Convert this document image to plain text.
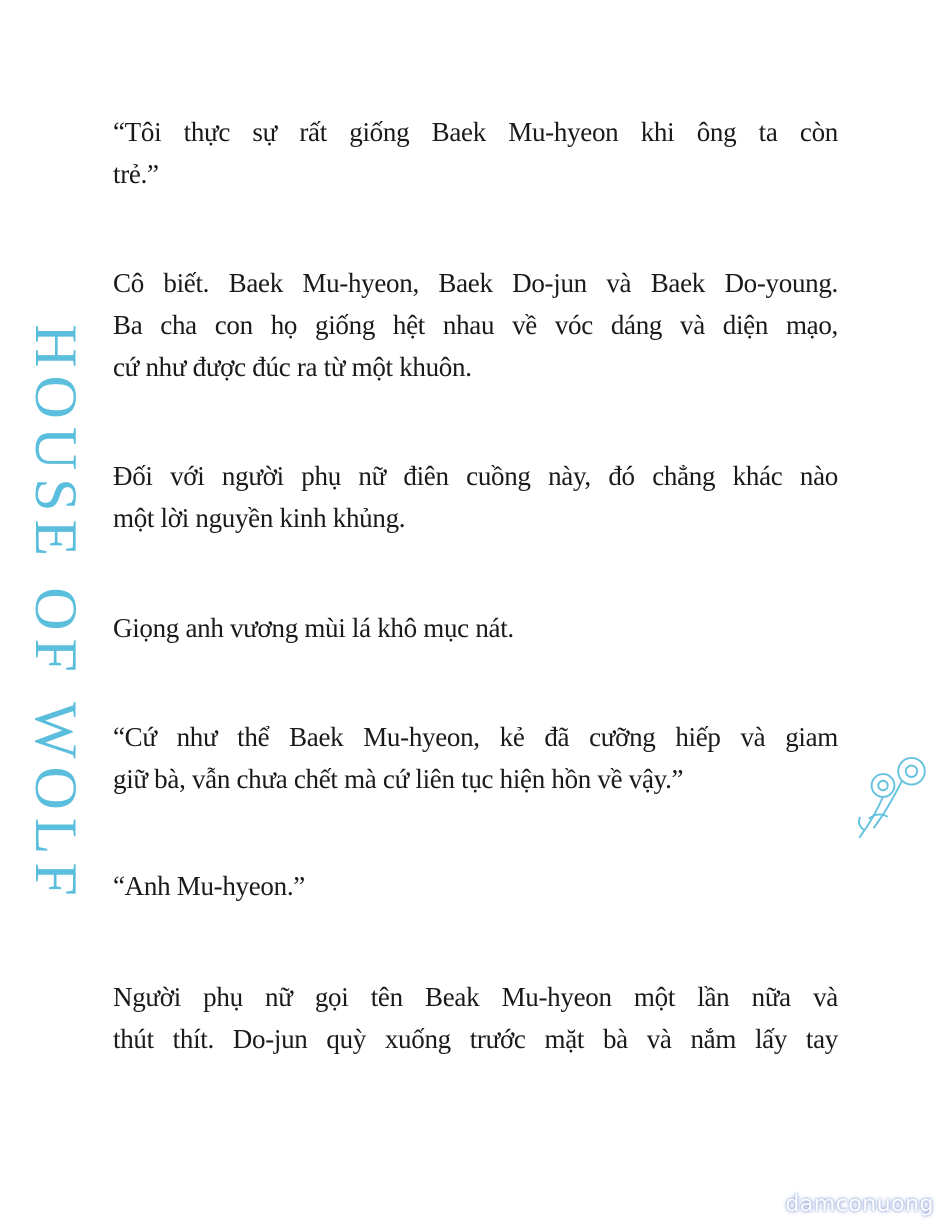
“Tôi thực sự rất giống Baek Mu-hyeon khi ông ta còn
trẻ.”
Cô biết. Baek Mu-hyeon, Baek Do-jun và Baek Do-young.
Ba cha con họ giống hệt nhau về vóc dáng và diện mạo,
cứ như được đúc ra từ một khuôn.
Đối với người phụ nữ điên cuồng này, đó chẳng khác nào
một lời nguyền kinh khủng.
Giọng anh vương mùi lá khô mục nát.
“Cứ như thể Baek Mu-hyeon, kẻ đã cưỡng hiếp và giam
giữ bà, vẫn chưa chết mà cứ liên tục hiện hồn về vậy.”
“Anh Mu-hyeon.”
Người phụ nữ gọi tên Beak Mu-hyeon một lần nữa và
thút thít. Do-jun quỳ xuống trước mặt bà và nắm lấy tay
HOUSE OF WOLF
damconuong
